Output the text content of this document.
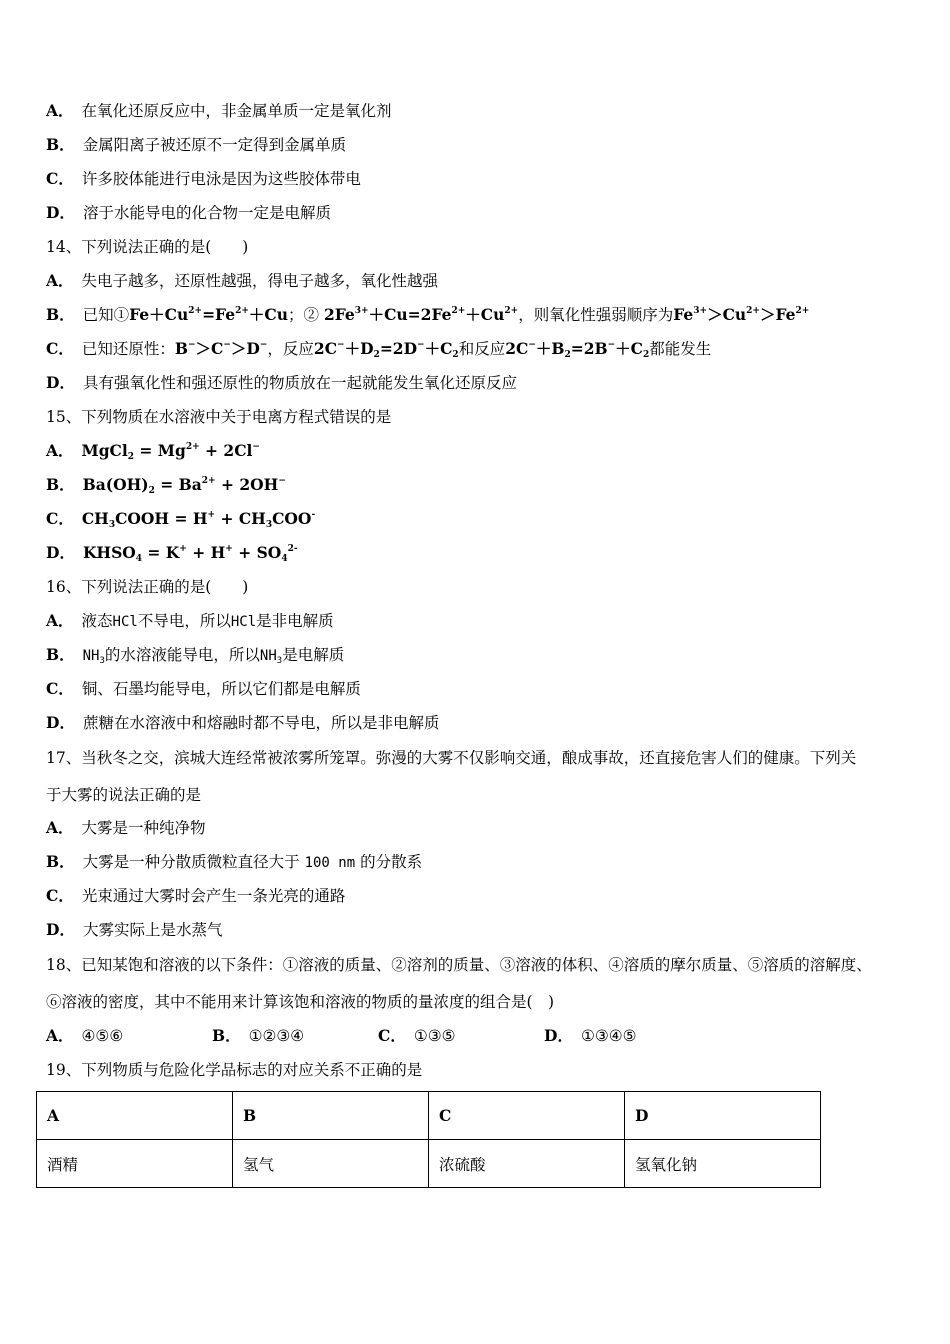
A． 在氧化还原反应中，非金属单质一定是氧化剂
B． 金属阳离子被还原不一定得到金属单质
C． 许多胶体能进行电泳是因为这些胶体带电
D． 溶于水能导电的化合物一定是电解质
14、下列说法正确的是(　　)
A． 失电子越多，还原性越强，得电子越多，氧化性越强
B． 已知$①Fe+Cu^{2+}=Fe^{2+}+Cu$；② $2Fe^{3+}+Cu=2Fe^{2+}+Cu^{2+}$，则氧化性强弱顺序为$Fe^{3+}>Cu^{2+}>Fe^{2+}$
C． 已知还原性：B−＞C−＞D−，反应$2C^-+D_2=2D^-+C_2$和反应$2C^-+B_2=2B^-+C_2$都能发生
D． 具有强氧化性和强还原性的物质放在一起就能发生氧化还原反应
15、下列物质在水溶液中关于电离方程式错误的是
A． MgCl$_2$ = $Mg^{2+} + 2Cl^-$
B． $Ba(OH)_2 = Ba^{2+} + 2OH^-$
C． $CH_3COOH = H^+ + CH_3COO^-$
D． $KHSO_4 = K^+ + H^+ + SO_4^{2-}$
16、下列说法正确的是(　　)
A． 液态HCl不导电，所以HCl是非电解质
B． $NH_3$的水溶液能导电，所以$NH_3$是电解质
C． 铜、石墨均能导电，所以它们都是电解质
D． 蔗糖在水溶液中和熔融时都不导电，所以是非电解质
17、当秋冬之交，滨城大连经常被浓雾所笼罩。弥漫的大雾不仅影响交通，酿成事故，还直接危害人们的健康。下列关
于大雾的说法正确的是
A． 大雾是一种纯净物
B． 大雾是一种分散质微粒直径大于 100 nm 的分散系
C． 光束通过大雾时会产生一条光亮的通路
D． 大雾实际上是水蒸气
18、已知某饱和溶液的以下条件：①溶液的质量、②溶剂的质量、③溶液的体积、④溶质的摩尔质量、⑤溶质的溶解度、
⑥溶液的密度，其中不能用来计算该饱和溶液的物质的量浓度的组合是(　)
A． ④⑤⑥	B． ①②③④	C． ①③⑤	D． ①③④⑤
19、下列物质与危险化学品标志的对应关系不正确的是
A	B	C	D
酒精	氢气	浓硫酸	氢氧化钠
